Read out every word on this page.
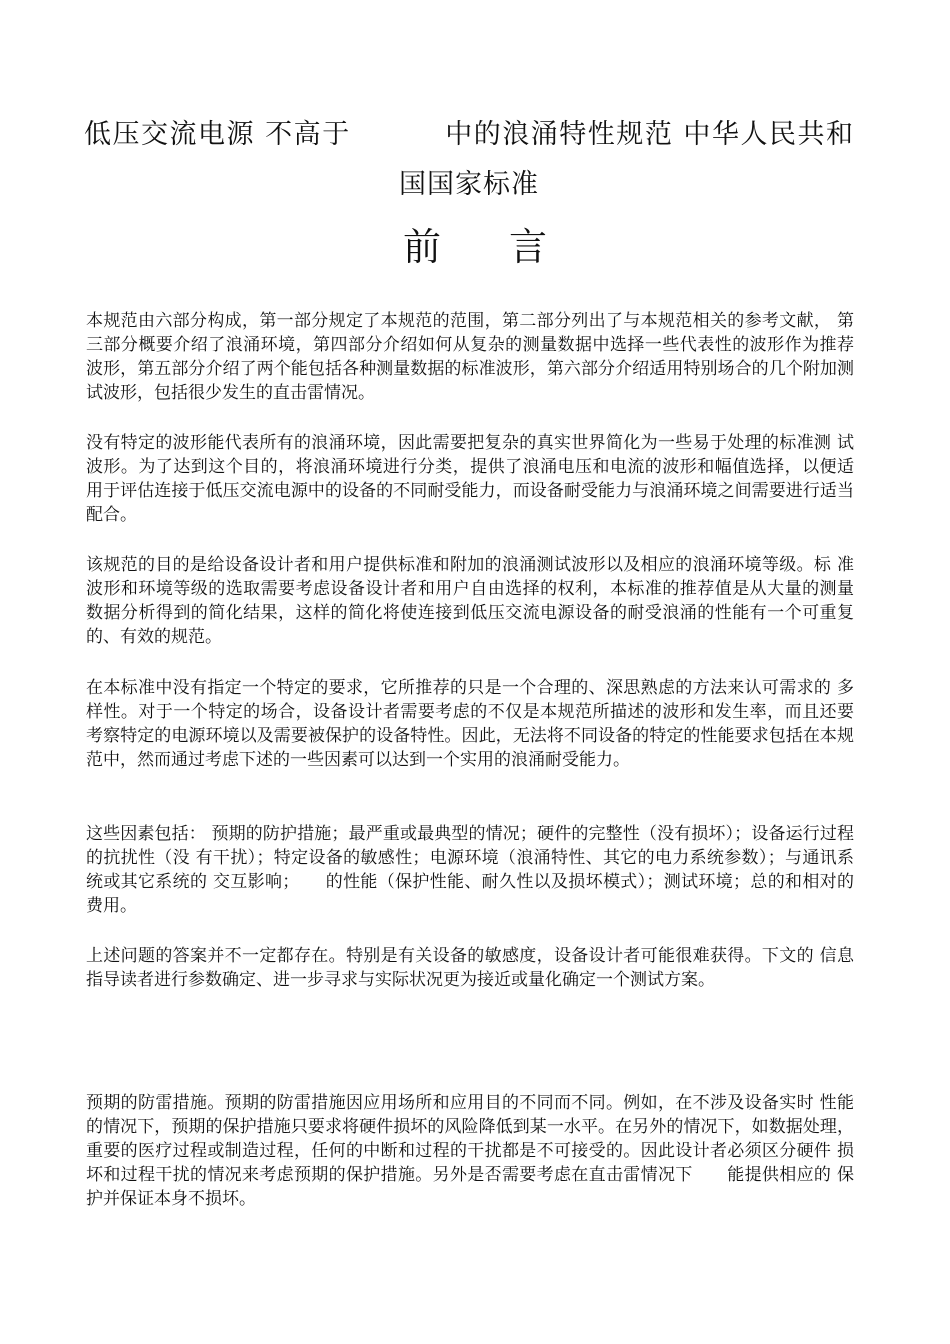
低压交流电源 不高于	中的浪涌特性规范 中华人民共和国国家标准
前 言

本规范由六部分构成，第一部分规定了本规范的范围，第二部分列出了与本规范相关的参考文献， 第三部分概要介绍了浪涌环境，第四部分介绍如何从复杂的测量数据中选择一些代表性的波形作为推荐 波形，第五部分介绍了两个能包括各种测量数据的标准波形，第六部分介绍适用特别场合的几个附加测 试波形，包括很少发生的直击雷情况。

没有特定的波形能代表所有的浪涌环境，因此需要把复杂的真实世界简化为一些易于处理的标准测 试波形。为了达到这个目的，将浪涌环境进行分类，提供了浪涌电压和电流的波形和幅值选择，以便适 用于评估连接于低压交流电源中的设备的不同耐受能力，而设备耐受能力与浪涌环境之间需要进行适当 配合。

该规范的目的是给设备设计者和用户提供标准和附加的浪涌测试波形以及相应的浪涌环境等级。标 准波形和环境等级的选取需要考虑设备设计者和用户自由选择的权利，本标准的推荐值是从大量的测量 数据分析得到的简化结果，这样的简化将使连接到低压交流电源设备的耐受浪涌的性能有一个可重复 的、有效的规范。

在本标准中没有指定一个特定的要求，它所推荐的只是一个合理的、深思熟虑的方法来认可需求的 多样性。对于一个特定的场合，设备设计者需要考虑的不仅是本规范所描述的波形和发生率，而且还要 考察特定的电源环境以及需要被保护的设备特性。因此，无法将不同设备的特定的性能要求包括在本规 范中，然而通过考虑下述的一些因素可以达到一个实用的浪涌耐受能力。

这些因素包括： 预期的防护措施；最严重或最典型的情况；硬件的完整性（没有损坏）；设备运行过程的抗扰性（没 有干扰）；特定设备的敏感性；电源环境（浪涌特性、其它的电力系统参数）；与通讯系统或其它系统的 交互影响；　　的性能（保护性能、耐久性以及损坏模式）；测试环境；总的和相对的费用。

上述问题的答案并不一定都存在。特别是有关设备的敏感度，设备设计者可能很难获得。下文的 信息指导读者进行参数确定、进一步寻求与实际状况更为接近或量化确定一个测试方案。

预期的防雷措施。预期的防雷措施因应用场所和应用目的不同而不同。例如，在不涉及设备实时 性能的情况下，预期的保护措施只要求将硬件损坏的风险降低到某一水平。在另外的情况下，如数据处理，重要的医疗过程或制造过程，任何的中断和过程的干扰都是不可接受的。因此设计者必须区分硬件 损坏和过程干扰的情况来考虑预期的保护措施。另外是否需要考虑在直击雷情况下　　能提供相应的 保护并保证本身不损坏。
